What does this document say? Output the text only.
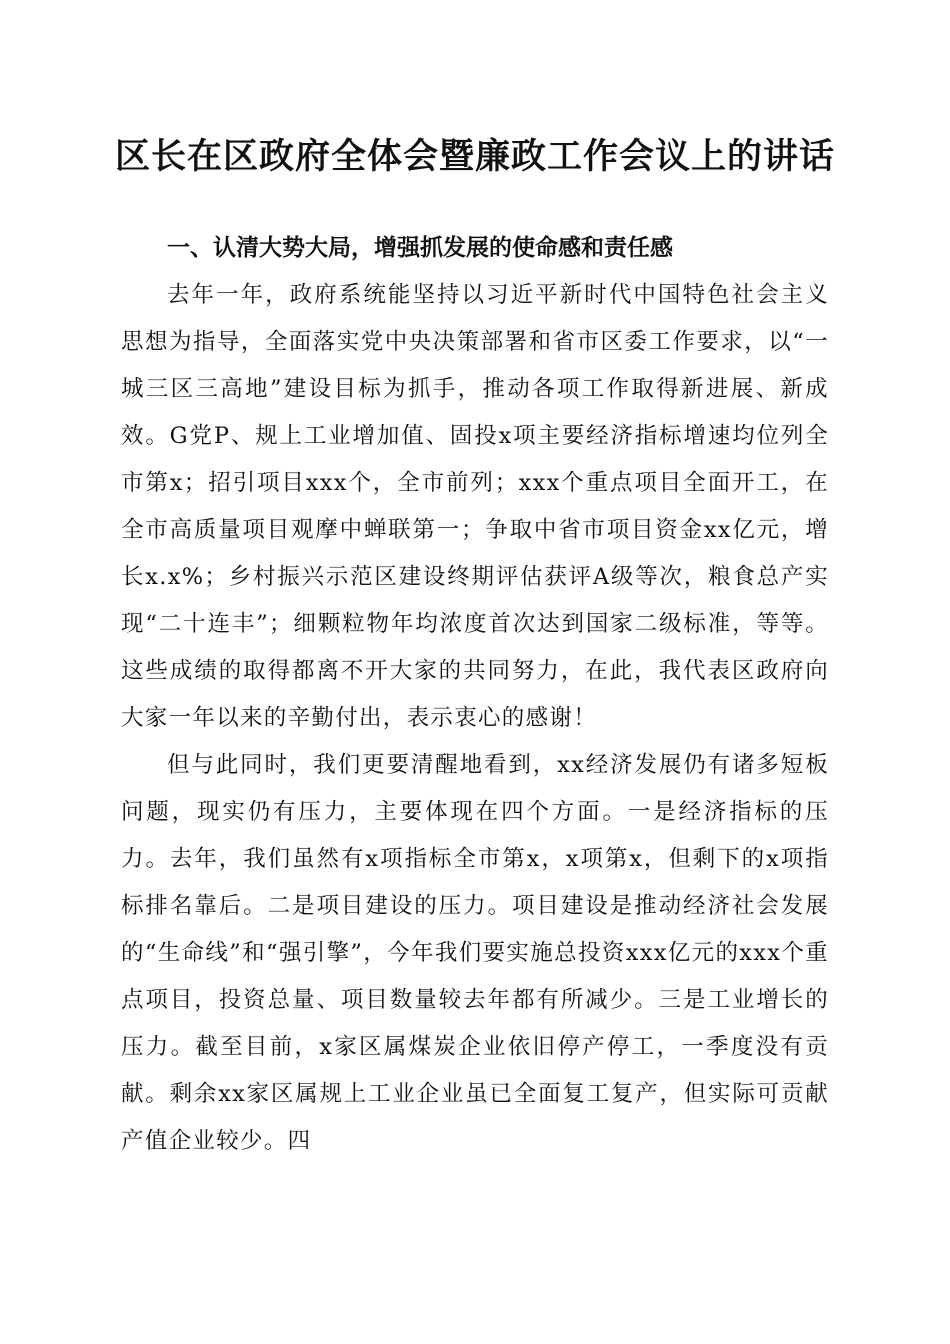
区长在区政府全体会暨廉政工作会议上的讲话

一、认清大势大局，增强抓发展的使命感和责任感

去年一年，政府系统能坚持以习近平新时代中国特色社会主义思想为指导，全面落实党中央决策部署和省市区委工作要求，以“一城三区三高地”建设目标为抓手，推动各项工作取得新进展、新成效。G党P、规上工业增加值、固投x项主要经济指标增速均位列全市第x；招引项目xxx个，全市前列；xxx个重点项目全面开工，在全市高质量项目观摩中蝉联第一；争取中省市项目资金xx亿元，增长x.x%；乡村振兴示范区建设终期评估获评A级等次，粮食总产实现“二十连丰”；细颗粒物年均浓度首次达到国家二级标准，等等。这些成绩的取得都离不开大家的共同努力，在此，我代表区政府向大家一年以来的辛勤付出，表示衷心的感谢！

但与此同时，我们更要清醒地看到，xx经济发展仍有诸多短板问题，现实仍有压力，主要体现在四个方面。一是经济指标的压力。去年，我们虽然有x项指标全市第x，x项第x，但剩下的x项指标排名靠后。二是项目建设的压力。项目建设是推动经济社会发展的“生命线”和“强引擎”，今年我们要实施总投资xxx亿元的xxx个重点项目，投资总量、项目数量较去年都有所减少。三是工业增长的压力。截至目前，x家区属煤炭企业依旧停产停工，一季度没有贡献。剩余xx家区属规上工业企业虽已全面复工复产，但实际可贡献产值企业较少。四
